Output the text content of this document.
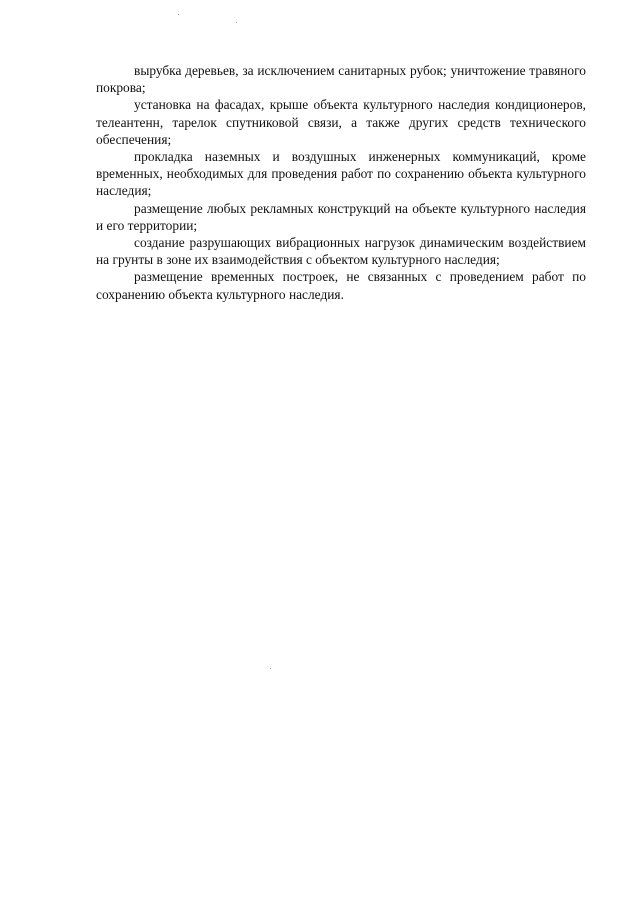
вырубка деревьев, за исключением санитарных рубок; уничтожение травяного покрова;

установка на фасадах, крыше объекта культурного наследия кондиционеров, телеантенн, тарелок спутниковой связи, а также других средств технического обеспечения;

прокладка наземных и воздушных инженерных коммуникаций, кроме временных, необходимых для проведения работ по сохранению объекта культурного наследия;

размещение любых рекламных конструкций на объекте культурного наследия и его территории;

создание разрушающих вибрационных нагрузок динамическим воздействием на грунты в зоне их взаимодействия с объектом культурного наследия;

размещение временных построек, не связанных с проведением работ по сохранению объекта культурного наследия.
